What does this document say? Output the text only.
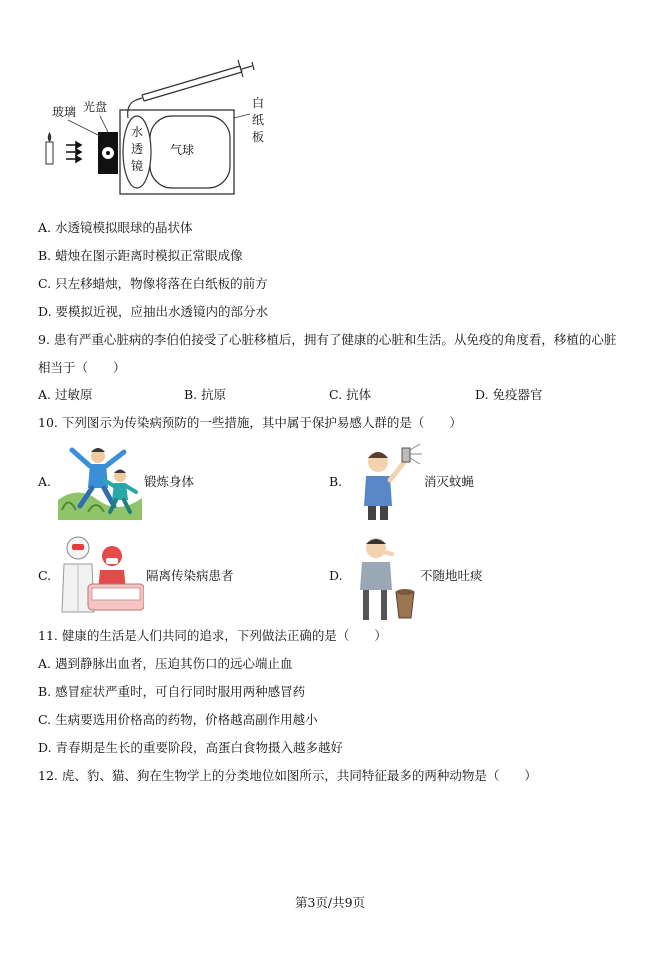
玻璃 光盘
水透镜
气球
白纸板
A. 水透镜模拟眼球的晶状体
B. 蜡烛在图示距离时模拟正常眼成像
C. 只左移蜡烛，物像将落在白纸板的前方
D. 要模拟近视，应抽出水透镜内的部分水
9. 患有严重心脏病的李伯伯接受了心脏移植后，拥有了健康的心脏和生活。从免疫的角度看，移植的心脏
相当于（　　）
A. 过敏原	B. 抗原	C. 抗体	D. 免疫器官
10. 下列图示为传染病预防的一些措施，其中属于保护易感人群的是（　　）
A.	锻炼身体	B.	消灭蚊蝇
C.	隔离传染病患者	D.	不随地吐痰
11. 健康的生活是人们共同的追求，下列做法正确的是（　　）
A. 遇到静脉出血者，压迫其伤口的远心端止血
B. 感冒症状严重时，可自行同时服用两种感冒药
C. 生病要选用价格高的药物，价格越高副作用越小
D. 青春期是生长的重要阶段，高蛋白食物摄入越多越好
12. 虎、豹、猫、狗在生物学上的分类地位如图所示，共同特征最多的两种动物是（　　）
第3页/共9页
